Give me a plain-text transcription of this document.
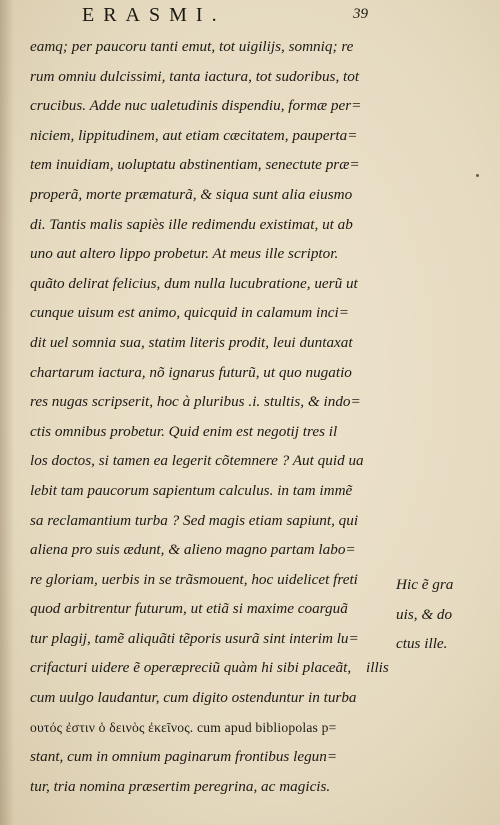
ERASMI.	39
eamq; per paucoru tanti emut, tot uigilijs, somniq; re
rum omniu dulcissimi, tanta iactura, tot sudoribus, tot
crucibus. Adde nuc ualetudinis dispendiu, formæ per=
niciem, lippitudinem, aut etiam cæcitatem, pauperta=
tem inuidiam, uoluptatu abstinentiam, senectute præ=
properã, morte præmaturã, & siqua sunt alia eiusmo
di. Tantis malis sapiès ille redimendu existimat, ut ab
uno aut altero lippo probetur. At meus ille scriptor.
quãto delirat felicius, dum nulla lucubratione, uerũ ut
cunque uisum est animo, quicquid in calamum inci=
dit uel somnia sua, statim literis prodit, leui duntaxat
chartarum iactura, nõ ignarus futurũ, ut quo nugatio
res nugas scripserit, hoc à pluribus .i. stultis, & indo=
ctis omnibus probetur. Quid enim est negotij tres il
los doctos, si tamen ea legerit cõtemnere ? Aut quid ua
lebit tam paucorum sapientum calculus. in tam immẽ
sa reclamantium turba ? Sed magis etiam sapiunt, qui
aliena pro suis ædunt, & alieno magno partam labo=
re gloriam, uerbis in se trãsmouent, hoc uidelicet freti
quod arbitrentur futurum, ut etiã si maxime coarguã
tur plagij, tamẽ aliquãti tẽporis usurã sint interim lu=
crifacturi uidere ẽ operæpreciũ quàm hi sibi placeãt,
cum uulgo laudantur, cum digito ostenduntur in turba
ουτός ἐστιν ὁ δεινὸς ἐκεῖνος. cum apud bibliopolas p=
stant, cum in omnium paginarum frontibus legun=
tur, tria nomina præsertim peregrina, ac magicis.
Hic ẽ gra
uis, & do
ctus ille.
illis
